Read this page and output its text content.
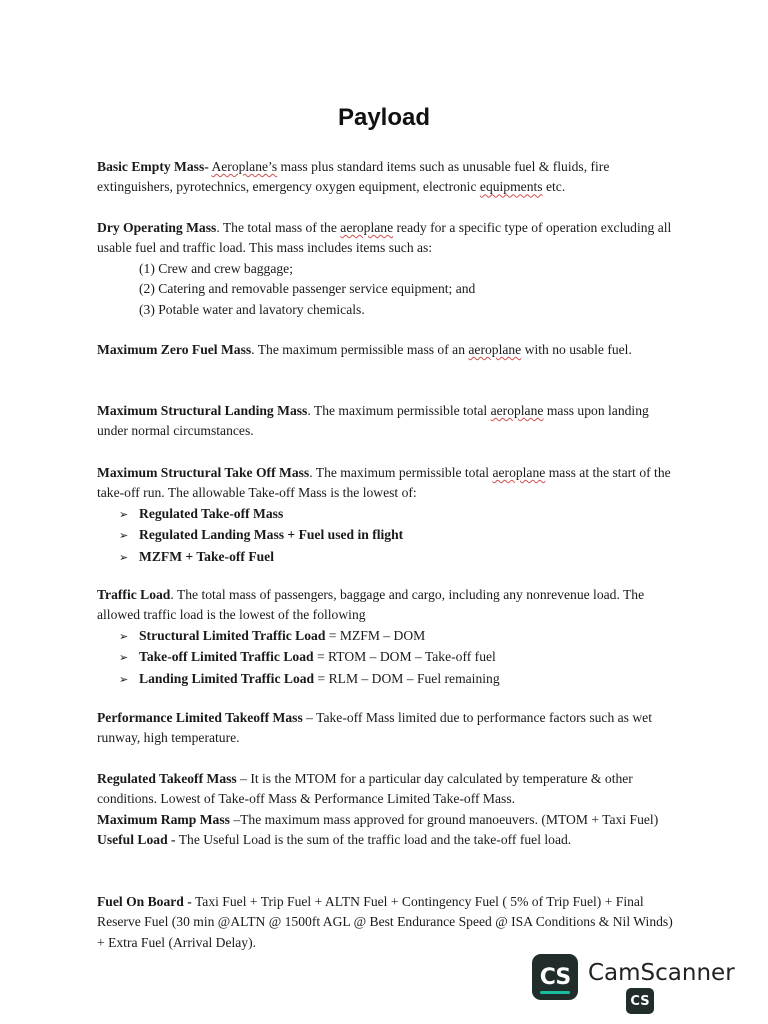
Payload
Basic Empty Mass- Aeroplane’s mass plus standard items such as unusable fuel & fluids, fire extinguishers, pyrotechnics, emergency oxygen equipment, electronic equipments etc.
Dry Operating Mass. The total mass of the aeroplane ready for a specific type of operation excluding all usable fuel and traffic load. This mass includes items such as:
(1) Crew and crew baggage;
(2) Catering and removable passenger service equipment; and
(3) Potable water and lavatory chemicals.
Maximum Zero Fuel Mass. The maximum permissible mass of an aeroplane with no usable fuel.
Maximum Structural Landing Mass. The maximum permissible total aeroplane mass upon landing under normal circumstances.
Maximum Structural Take Off Mass. The maximum permissible total aeroplane mass at the start of the take-off run. The allowable Take-off Mass is the lowest of:
➢ Regulated Take-off Mass
➢ Regulated Landing Mass + Fuel used in flight
➢ MZFM + Take-off Fuel
Traffic Load. The total mass of passengers, baggage and cargo, including any nonrevenue load. The allowed traffic load is the lowest of the following
➢ Structural Limited Traffic Load = MZFM – DOM
➢ Take-off Limited Traffic Load = RTOM – DOM – Take-off fuel
➢ Landing Limited Traffic Load = RLM – DOM – Fuel remaining
Performance Limited Takeoff Mass – Take-off Mass limited due to performance factors such as wet runway, high temperature.
Regulated Takeoff Mass – It is the MTOM for a particular day calculated by temperature & other conditions. Lowest of Take-off Mass & Performance Limited Take-off Mass.
Maximum Ramp Mass –The maximum mass approved for ground manoeuvers. (MTOM + Taxi Fuel)
Useful Load - The Useful Load is the sum of the traffic load and the take-off fuel load.
Fuel On Board - Taxi Fuel + Trip Fuel + ALTN Fuel + Contingency Fuel ( 5% of Trip Fuel) + Final Reserve Fuel (30 min @ALTN @ 1500ft AGL @ Best Endurance Speed @ ISA Conditions & Nil Winds) + Extra Fuel (Arrival Delay).
CS CamScanner
CS
